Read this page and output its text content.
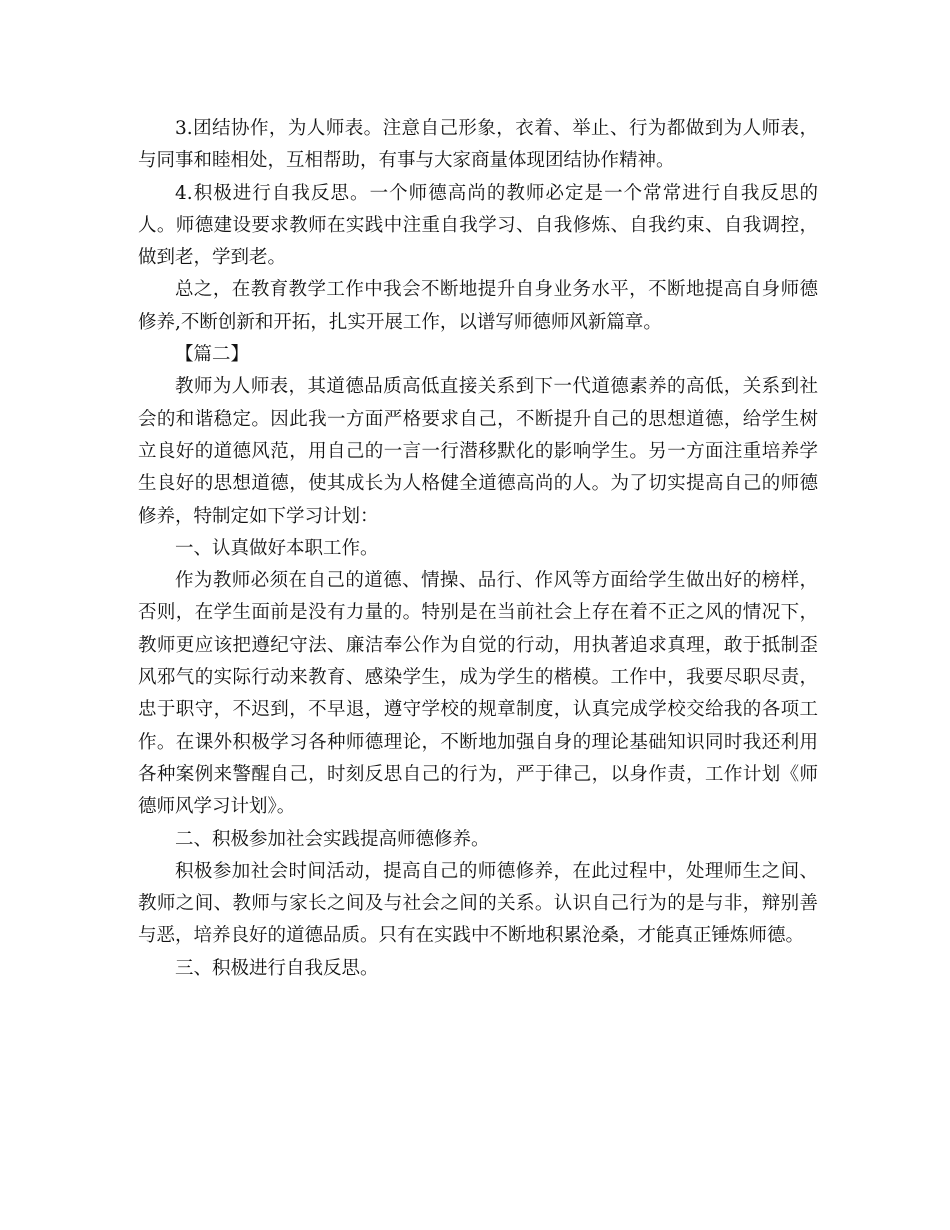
3.团结协作，为人师表。注意自己形象，衣着、举止、行为都做到为人师表，与同事和睦相处，互相帮助，有事与大家商量体现团结协作精神。

4.积极进行自我反思。一个师德高尚的教师必定是一个常常进行自我反思的人。师德建设要求教师在实践中注重自我学习、自我修炼、自我约束、自我调控，做到老，学到老。

总之，在教育教学工作中我会不断地提升自身业务水平，不断地提高自身师德修养,不断创新和开拓，扎实开展工作，以谱写师德师风新篇章。

【篇二】

教师为人师表，其道德品质高低直接关系到下一代道德素养的高低，关系到社会的和谐稳定。因此我一方面严格要求自己，不断提升自己的思想道德，给学生树立良好的道德风范，用自己的一言一行潜移默化的影响学生。另一方面注重培养学生良好的思想道德，使其成长为人格健全道德高尚的人。为了切实提高自己的师德修养，特制定如下学习计划：

一、认真做好本职工作。

作为教师必须在自己的道德、情操、品行、作风等方面给学生做出好的榜样，否则，在学生面前是没有力量的。特别是在当前社会上存在着不正之风的情况下，教师更应该把遵纪守法、廉洁奉公作为自觉的行动，用执著追求真理，敢于抵制歪风邪气的实际行动来教育、感染学生，成为学生的楷模。工作中，我要尽职尽责，忠于职守，不迟到，不早退，遵守学校的规章制度，认真完成学校交给我的各项工作。在课外积极学习各种师德理论，不断地加强自身的理论基础知识同时我还利用各种案例来警醒自己，时刻反思自己的行为，严于律己，以身作责，工作计划《师德师风学习计划》。

二、积极参加社会实践提高师德修养。

积极参加社会时间活动，提高自己的师德修养，在此过程中，处理师生之间、教师之间、教师与家长之间及与社会之间的关系。认识自己行为的是与非，辩别善与恶，培养良好的道德品质。只有在实践中不断地积累沧桑，才能真正锤炼师德。

三、积极进行自我反思。
